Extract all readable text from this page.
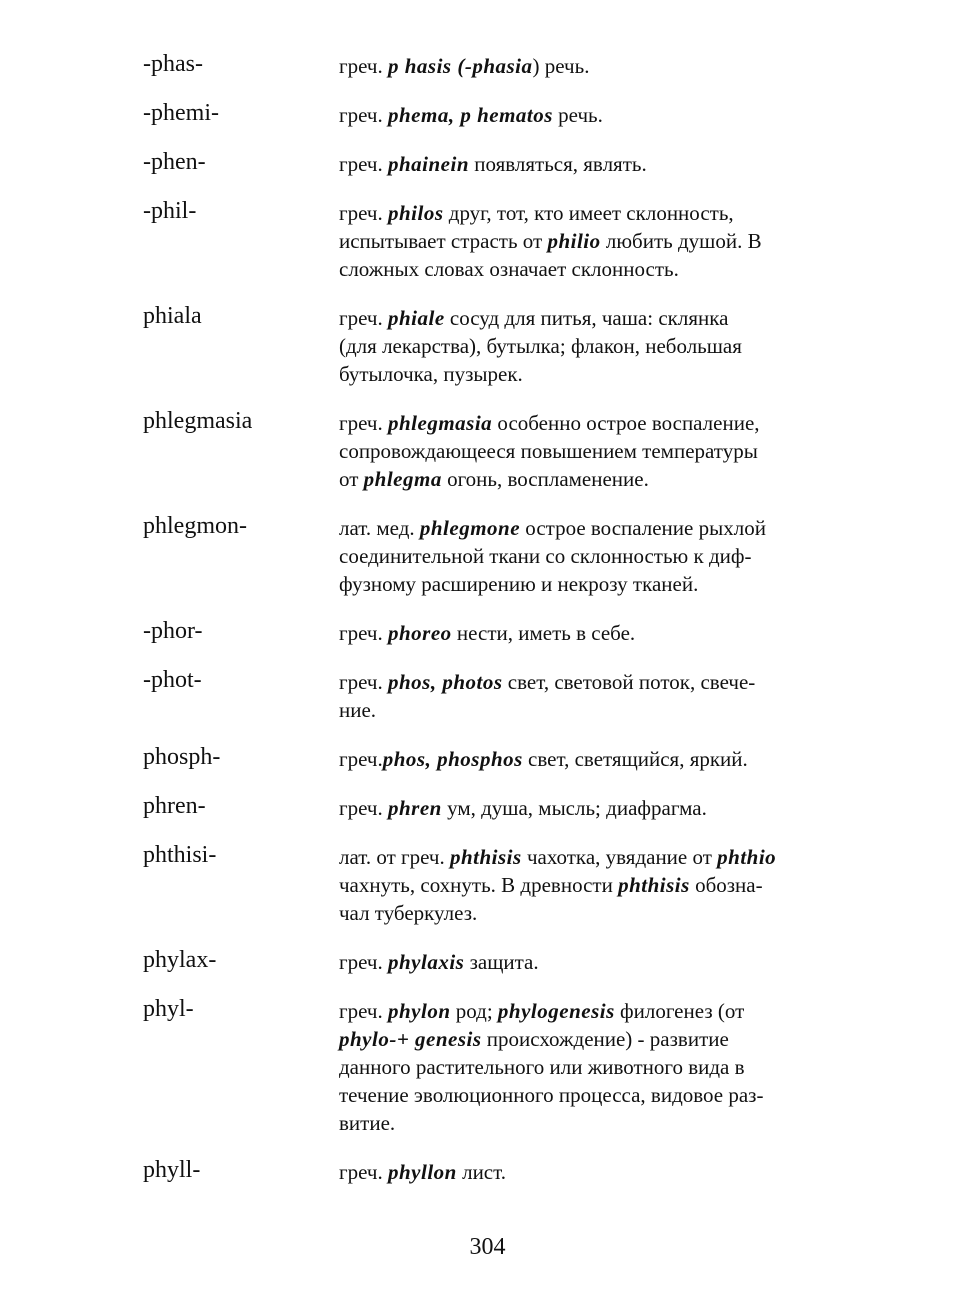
-phas-	греч. p hasis (-phasia) речь.
-phemi-	греч. phema, p hematos речь.
-phen-	греч. phainein появляться, являть.
-phil-	греч. philos друг, тот, кто имеет склонность,
испытывает страсть от philio любить душой. В
сложных словах означает склонность.
phiala	греч. phiale сосуд для питья, чаша: склянка
(для лекарства), бутылка; флакон, небольшая
бутылочка, пузырек.
phlegmasia	греч. phlegmasia особенно острое воспаление,
сопровождающееся повышением температуры
от phlegma огонь, воспламенение.
phlegmon-	лат. мед. phlegmone острое воспаление рыхлой
соединительной ткани со склонностью к диф-
фузному расширению и некрозу тканей.
-phor-	греч. phoreo нести, иметь в себе.
-phot-	греч. phos, photos свет, световой поток, свече-
ние.
phosph-	греч.phos, phosphos свет, светящийся, яркий.
phren-	греч. phren ум, душа, мысль; диафрагма.
phthisi-	лат. от греч. phthisis чахотка, увядание от phthio
чахнуть, сохнуть. В древности phthisis обозна-
чал туберкулез.
phylax-	греч. phylaxis защита.
phyl-	греч. phylon род; phylogenesis филогенез (от
phylo-+ genesis происхождение) - развитие
данного растительного или животного вида в
течение эволюционного процесса, видовое раз-
витие.
phyll-	греч. phyllon лист.
304
